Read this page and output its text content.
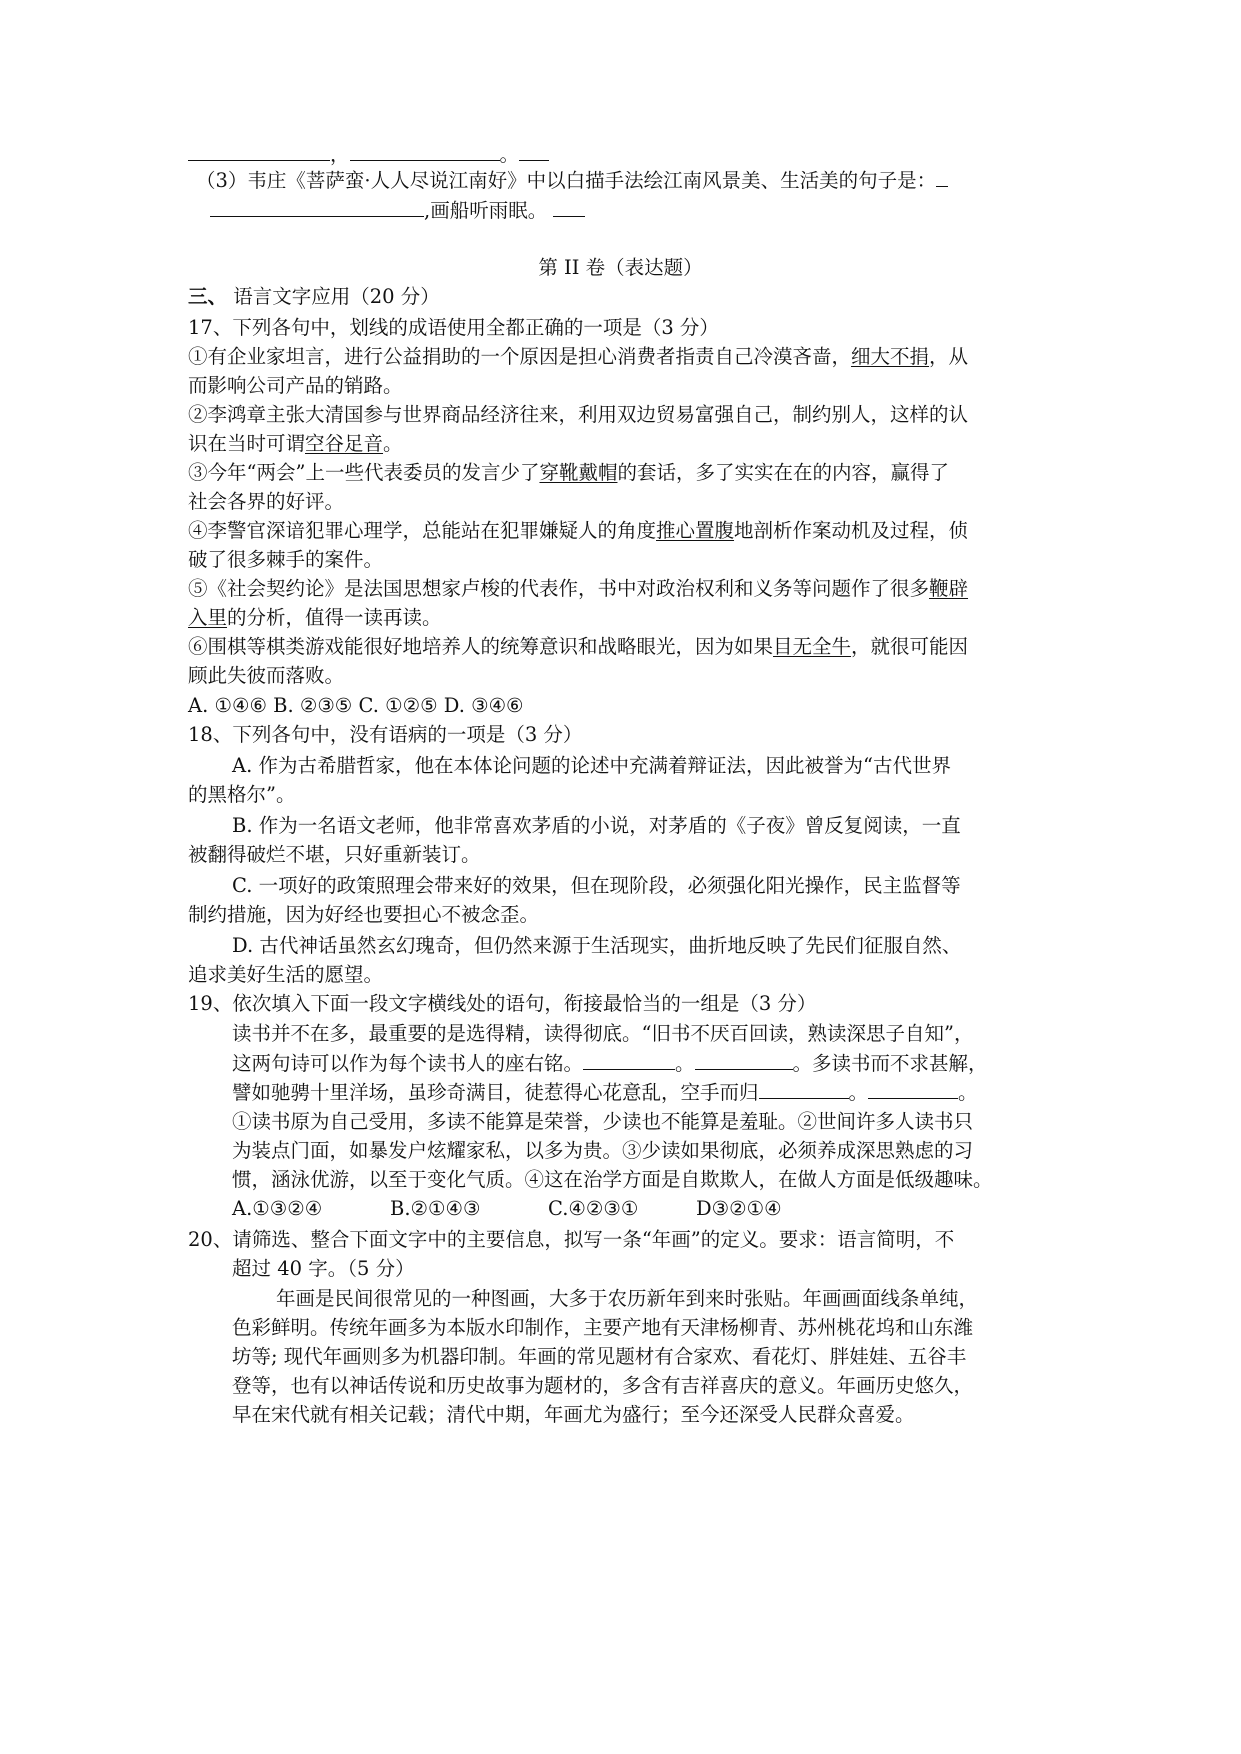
，	。
（3）韦庄《菩萨蛮·人人尽说江南好》中以白描手法绘江南风景美、生活美的句子是：
,画船听雨眠。
第 II 卷（表达题）
三、 语言文字应用（20 分）
17、下列各句中，划线的成语使用全都正确的一项是（3 分）
①有企业家坦言，进行公益捐助的一个原因是担心消费者指责自己冷漠吝啬，细大不捐，从
而影响公司产品的销路。
②李鸿章主张大清国参与世界商品经济往来，利用双边贸易富强自己，制约别人，这样的认
识在当时可谓空谷足音。
③今年“两会”上一些代表委员的发言少了穿靴戴帽的套话，多了实实在在的内容，赢得了
社会各界的好评。
④李警官深谙犯罪心理学，总能站在犯罪嫌疑人的角度推心置腹地剖析作案动机及过程，侦
破了很多棘手的案件。
⑤《社会契约论》是法国思想家卢梭的代表作，书中对政治权利和义务等问题作了很多鞭辟
入里的分析，值得一读再读。
⑥围棋等棋类游戏能很好地培养人的统筹意识和战略眼光，因为如果目无全牛，就很可能因
顾此失彼而落败。
A. ①④⑥ B. ②③⑤ C. ①②⑤ D. ③④⑥
18、下列各句中，没有语病的一项是（3 分）
A. 作为古希腊哲家，他在本体论问题的论述中充满着辩证法，因此被誉为“古代世界
的黑格尔”。
B. 作为一名语文老师，他非常喜欢茅盾的小说，对茅盾的《子夜》曾反复阅读，一直
被翻得破烂不堪，只好重新装订。
C. 一项好的政策照理会带来好的效果，但在现阶段，必须强化阳光操作，民主监督等
制约措施，因为好经也要担心不被念歪。
D. 古代神话虽然玄幻瑰奇，但仍然来源于生活现实，曲折地反映了先民们征服自然、
追求美好生活的愿望。
19、依次填入下面一段文字横线处的语句，衔接最恰当的一组是（3 分）
读书并不在多，最重要的是选得精，读得彻底。“旧书不厌百回读，熟读深思子自知”，
这两句诗可以作为每个读书人的座右铭。	。	。多读书而不求甚解，
譬如驰骋十里洋场，虽珍奇满目，徒惹得心花意乱，空手而归	。	。
①读书原为自己受用，多读不能算是荣誉，少读也不能算是羞耻。②世间许多人读书只
为装点门面，如暴发户炫耀家私，以多为贵。③少读如果彻底，必须养成深思熟虑的习
惯，涵泳优游，以至于变化气质。④这在治学方面是自欺欺人，在做人方面是低级趣味。
A.①③②④	B.②①④③	C.④②③①	D③②①④
20、请筛选、整合下面文字中的主要信息，拟写一条“年画”的定义。要求：语言简明，不
超过 40 字。（5 分）
年画是民间很常见的一种图画，大多于农历新年到来时张贴。年画画面线条单纯，
色彩鲜明。传统年画多为本版水印制作，主要产地有天津杨柳青、苏州桃花坞和山东潍
坊等; 现代年画则多为机器印制。年画的常见题材有合家欢、看花灯、胖娃娃、五谷丰
登等，也有以神话传说和历史故事为题材的，多含有吉祥喜庆的意义。年画历史悠久，
早在宋代就有相关记载；清代中期，年画尤为盛行；至今还深受人民群众喜爱。
